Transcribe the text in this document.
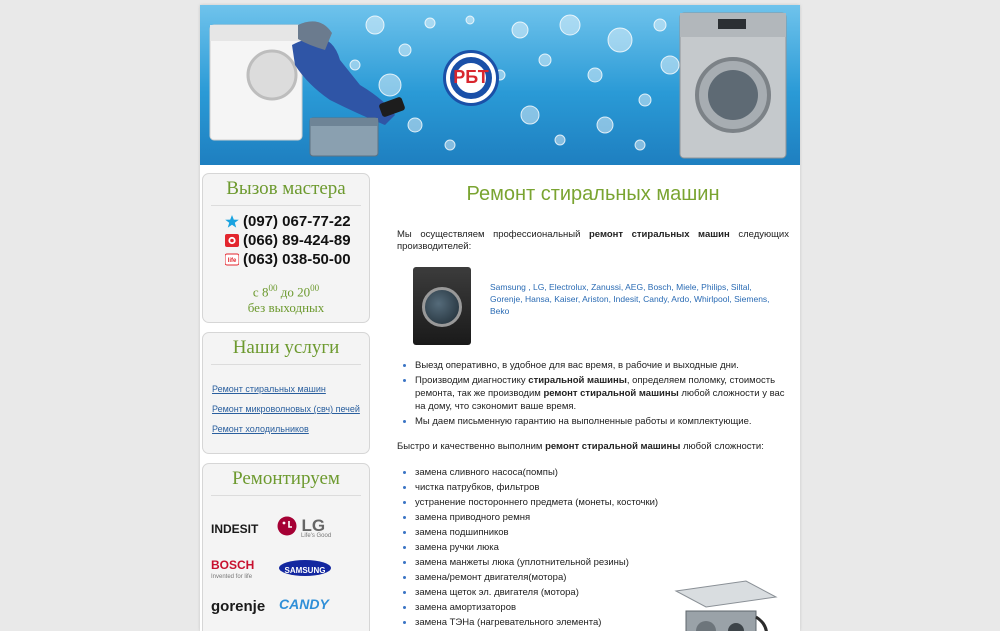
РБТ
Вызов мастера
(097) 067-77-22
(066) 89-424-89
life (063) 038-50-00
с $8^{00}$ до $20^{00}$
без выходных
Наши услуги
Ремонт стиральных машин
Ремонт микроволновых (свч) печей
Ремонт холодильников
Ремонтируем
INDESIT	LG
Life's Good
BOSCH
Invented for life
SAMSUNG
gorenje CANDY
Ремонт стиральных машин
Мы осуществляем профессиональный ремонт стиральных машин следующих производителей:
Samsung , LG, Electrolux, Zanussi, AEG, Bosch, Miele, Philips, Siltal, Gorenje, Hansa, Kaiser, Ariston, Indesit, Candy, Ardo, Whirlpool, Siemens, Beko
• Выезд оперативно, в удобное для вас время, в рабочие и выходные дни.
• Производим диагностику стиральной машины, определяем поломку, стоимость ремонта, так же производим ремонт стиральной машины любой сложности у вас на дому, что сэкономит ваше время.
• Мы даем письменную гарантию на выполненные работы и комплектующие.
Быстро и качественно выполним ремонт стиральной машины любой сложности:
• замена сливного насоса(помпы)
• чистка патрубков, фильтров
• устранение постороннего предмета (монеты, косточки)
• замена приводного ремня
• замена подшипников
• замена ручки люка
• замена манжеты люка (уплотнительной резины)
• замена/ремонт двигателя(мотора)
• замена щеток эл. двигателя (мотора)
• замена амортизаторов
• замена ТЭНа (нагревательного элемента)
